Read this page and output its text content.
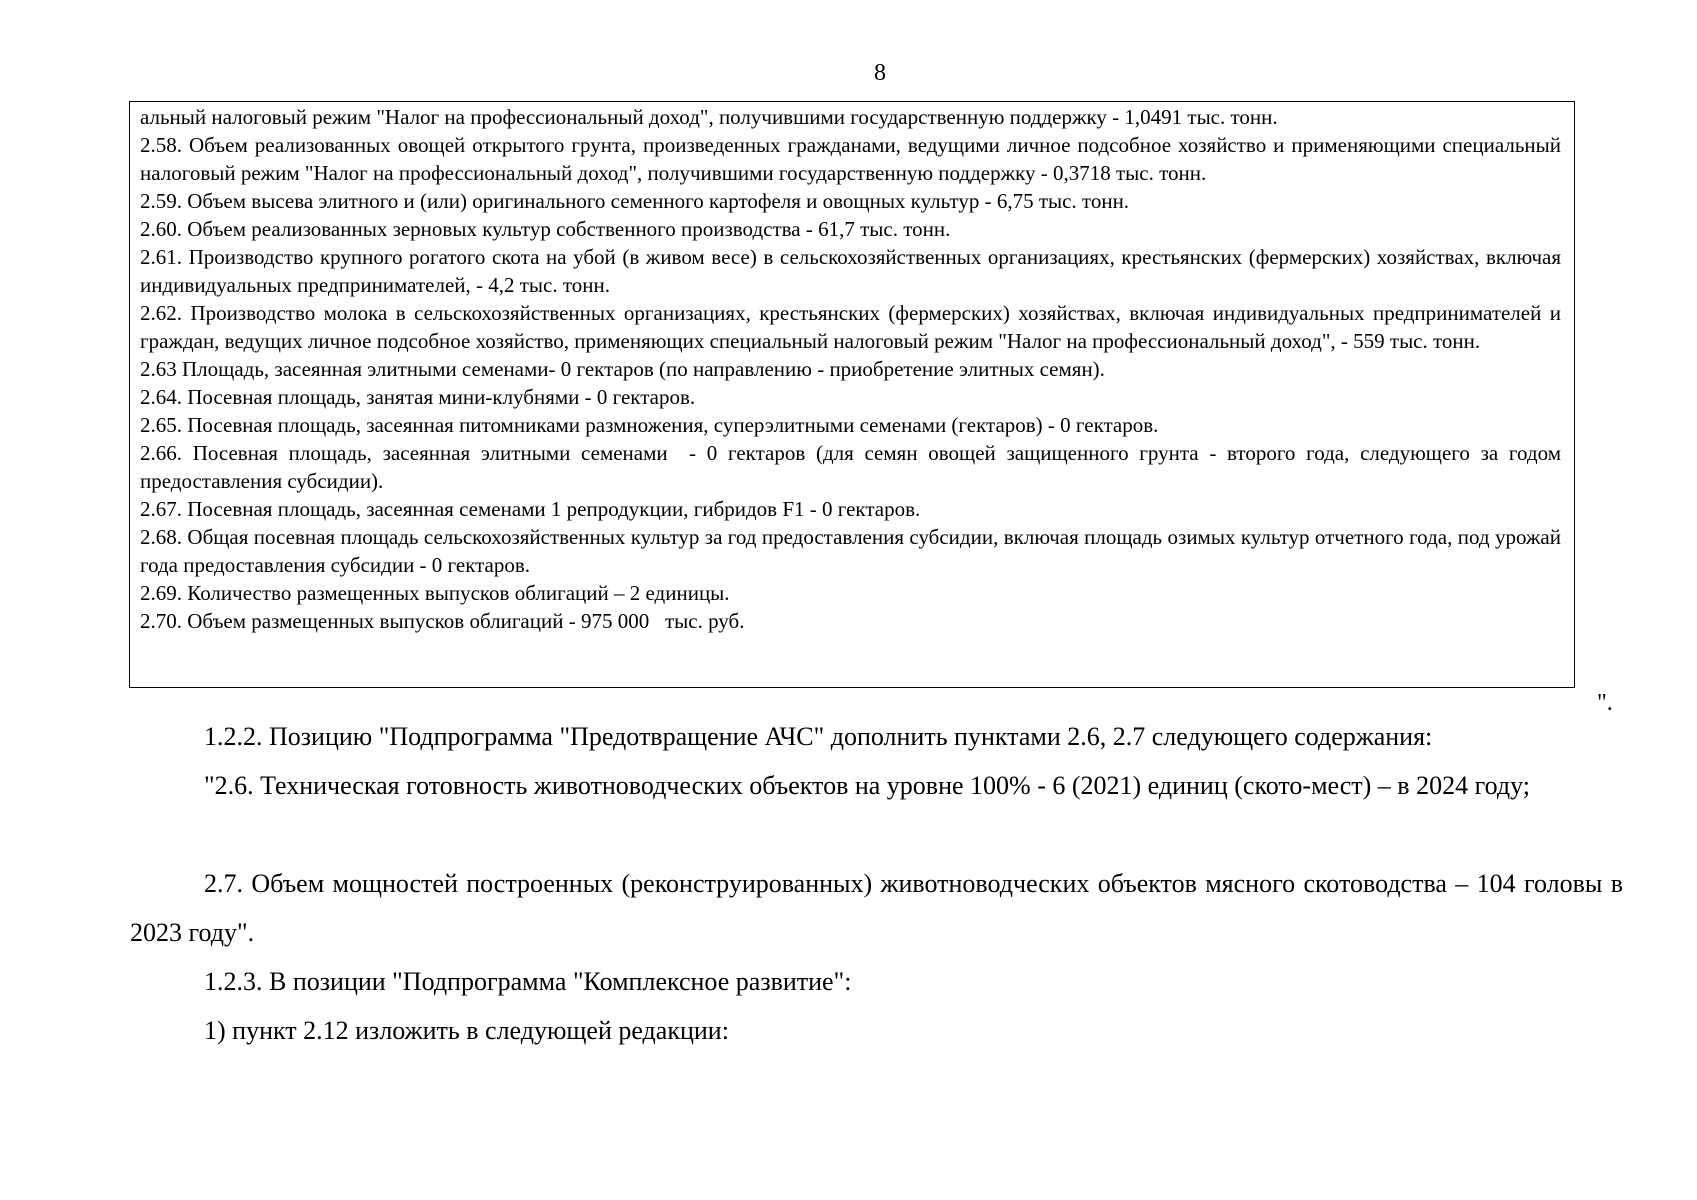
8

альный налоговый режим "Налог на профессиональный доход", получившими государственную поддержку - 1,0491 тыс. тонн.

2.58. Объем реализованных овощей открытого грунта, произведенных гражданами, ведущими личное подсобное хозяйство и применяющими специальный налоговый режим "Налог на профессиональный доход", получившими государственную поддержку - 0,3718 тыс. тонн.

2.59. Объем высева элитного и (или) оригинального семенного картофеля и овощных культур - 6,75 тыс. тонн.

2.60. Объем реализованных зерновых культур собственного производства - 61,7 тыс. тонн.

2.61. Производство крупного рогатого скота на убой (в живом весе) в сельскохозяйственных организациях, крестьянских (фермерских) хозяйствах, включая индивидуальных предпринимателей, - 4,2 тыс. тонн.

2.62. Производство молока в сельскохозяйственных организациях, крестьянских (фермерских) хозяйствах, включая индивидуальных предпринимателей и граждан, ведущих личное подсобное хозяйство, применяющих специальный налоговый режим "Налог на профессиональный доход", - 559 тыс. тонн.

2.63 Площадь, засеянная элитными семенами- 0 гектаров (по направлению - приобретение элитных семян).

2.64. Посевная площадь, занятая мини-клубнями - 0 гектаров.

2.65. Посевная площадь, засеянная питомниками размножения, суперэлитными семенами (гектаров) - 0 гектаров.

2.66. Посевная площадь, засеянная элитными семенами  - 0 гектаров (для семян овощей защищенного грунта - второго года, следующего за годом предоставления субсидии).

2.67. Посевная площадь, засеянная семенами 1 репродукции, гибридов F1 - 0 гектаров.

2.68. Общая посевная площадь сельскохозяйственных культур за год предоставления субсидии, включая площадь озимых культур отчетного года, под урожай года предоставления субсидии - 0 гектаров.

2.69. Количество размещенных выпусков облигаций – 2 единицы.

2.70. Объем размещенных выпусков облигаций - 975 000   тыс. руб.

".

1.2.2. Позицию "Подпрограмма "Предотвращение АЧС" дополнить пунктами 2.6, 2.7 следующего содержания:

"2.6. Техническая готовность животноводческих объектов на уровне 100% - 6 (2021) единиц (ското-мест) – в 2024 году;

2.7. Объем мощностей построенных (реконструированных) животноводческих объектов мясного скотоводства – 104 головы в 2023 году".

1.2.3. В позиции "Подпрограмма "Комплексное развитие":

1) пункт 2.12 изложить в следующей редакции:
